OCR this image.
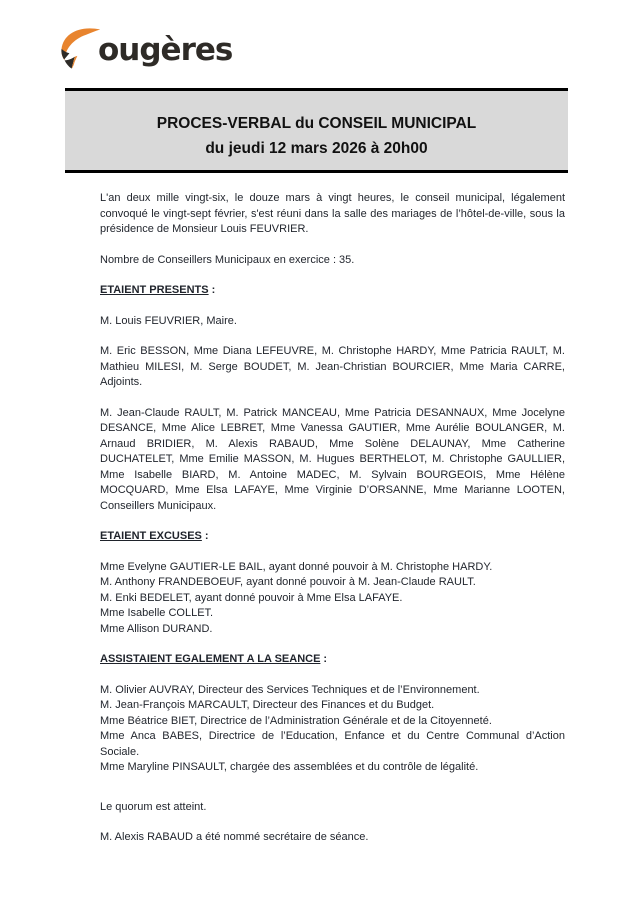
ougères
PROCES-VERBAL du CONSEIL MUNICIPAL
du jeudi 12 mars 2026 à 20h00

L'an deux mille vingt-six, le douze mars à vingt heures, le conseil municipal, légalement convoqué le vingt-sept février, s'est réuni dans la salle des mariages de l’hôtel-de-ville, sous la présidence de Monsieur Louis FEUVRIER.

Nombre de Conseillers Municipaux en exercice : 35.

ETAIENT PRESENTS :

M. Louis FEUVRIER, Maire.

M. Eric BESSON, Mme Diana LEFEUVRE, M. Christophe HARDY, Mme Patricia RAULT, M. Mathieu MILESI, M. Serge BOUDET, M. Jean-Christian BOURCIER, Mme Maria CARRE, Adjoints.

M. Jean-Claude RAULT, M. Patrick MANCEAU, Mme Patricia DESANNAUX, Mme Jocelyne DESANCE, Mme Alice LEBRET, Mme Vanessa GAUTIER, Mme Aurélie BOULANGER, M. Arnaud BRIDIER, M. Alexis RABAUD, Mme Solène DELAUNAY, Mme Catherine DUCHATELET, Mme Emilie MASSON, M. Hugues BERTHELOT, M. Christophe GAULLIER, Mme Isabelle BIARD, M. Antoine MADEC, M. Sylvain BOURGEOIS, Mme Hélène MOCQUARD, Mme Elsa LAFAYE, Mme Virginie D’ORSANNE, Mme Marianne LOOTEN, Conseillers Municipaux.

ETAIENT EXCUSES :

Mme Evelyne GAUTIER-LE BAIL, ayant donné pouvoir à M. Christophe HARDY.

M. Anthony FRANDEBOEUF, ayant donné pouvoir à M. Jean-Claude RAULT.

M. Enki BEDELET, ayant donné pouvoir à Mme Elsa LAFAYE.

Mme Isabelle COLLET.

Mme Allison DURAND.

ASSISTAIENT EGALEMENT A LA SEANCE :

M. Olivier AUVRAY, Directeur des Services Techniques et de l’Environnement.

M. Jean-François MARCAULT, Directeur des Finances et du Budget.

Mme Béatrice BIET, Directrice de l’Administration Générale et de la Citoyenneté.

Mme Anca BABES, Directrice de l’Education, Enfance et du Centre Communal d’Action Sociale.

Mme Maryline PINSAULT, chargée des assemblées et du contrôle de légalité.

Le quorum est atteint.

M. Alexis RABAUD a été nommé secrétaire de séance.
